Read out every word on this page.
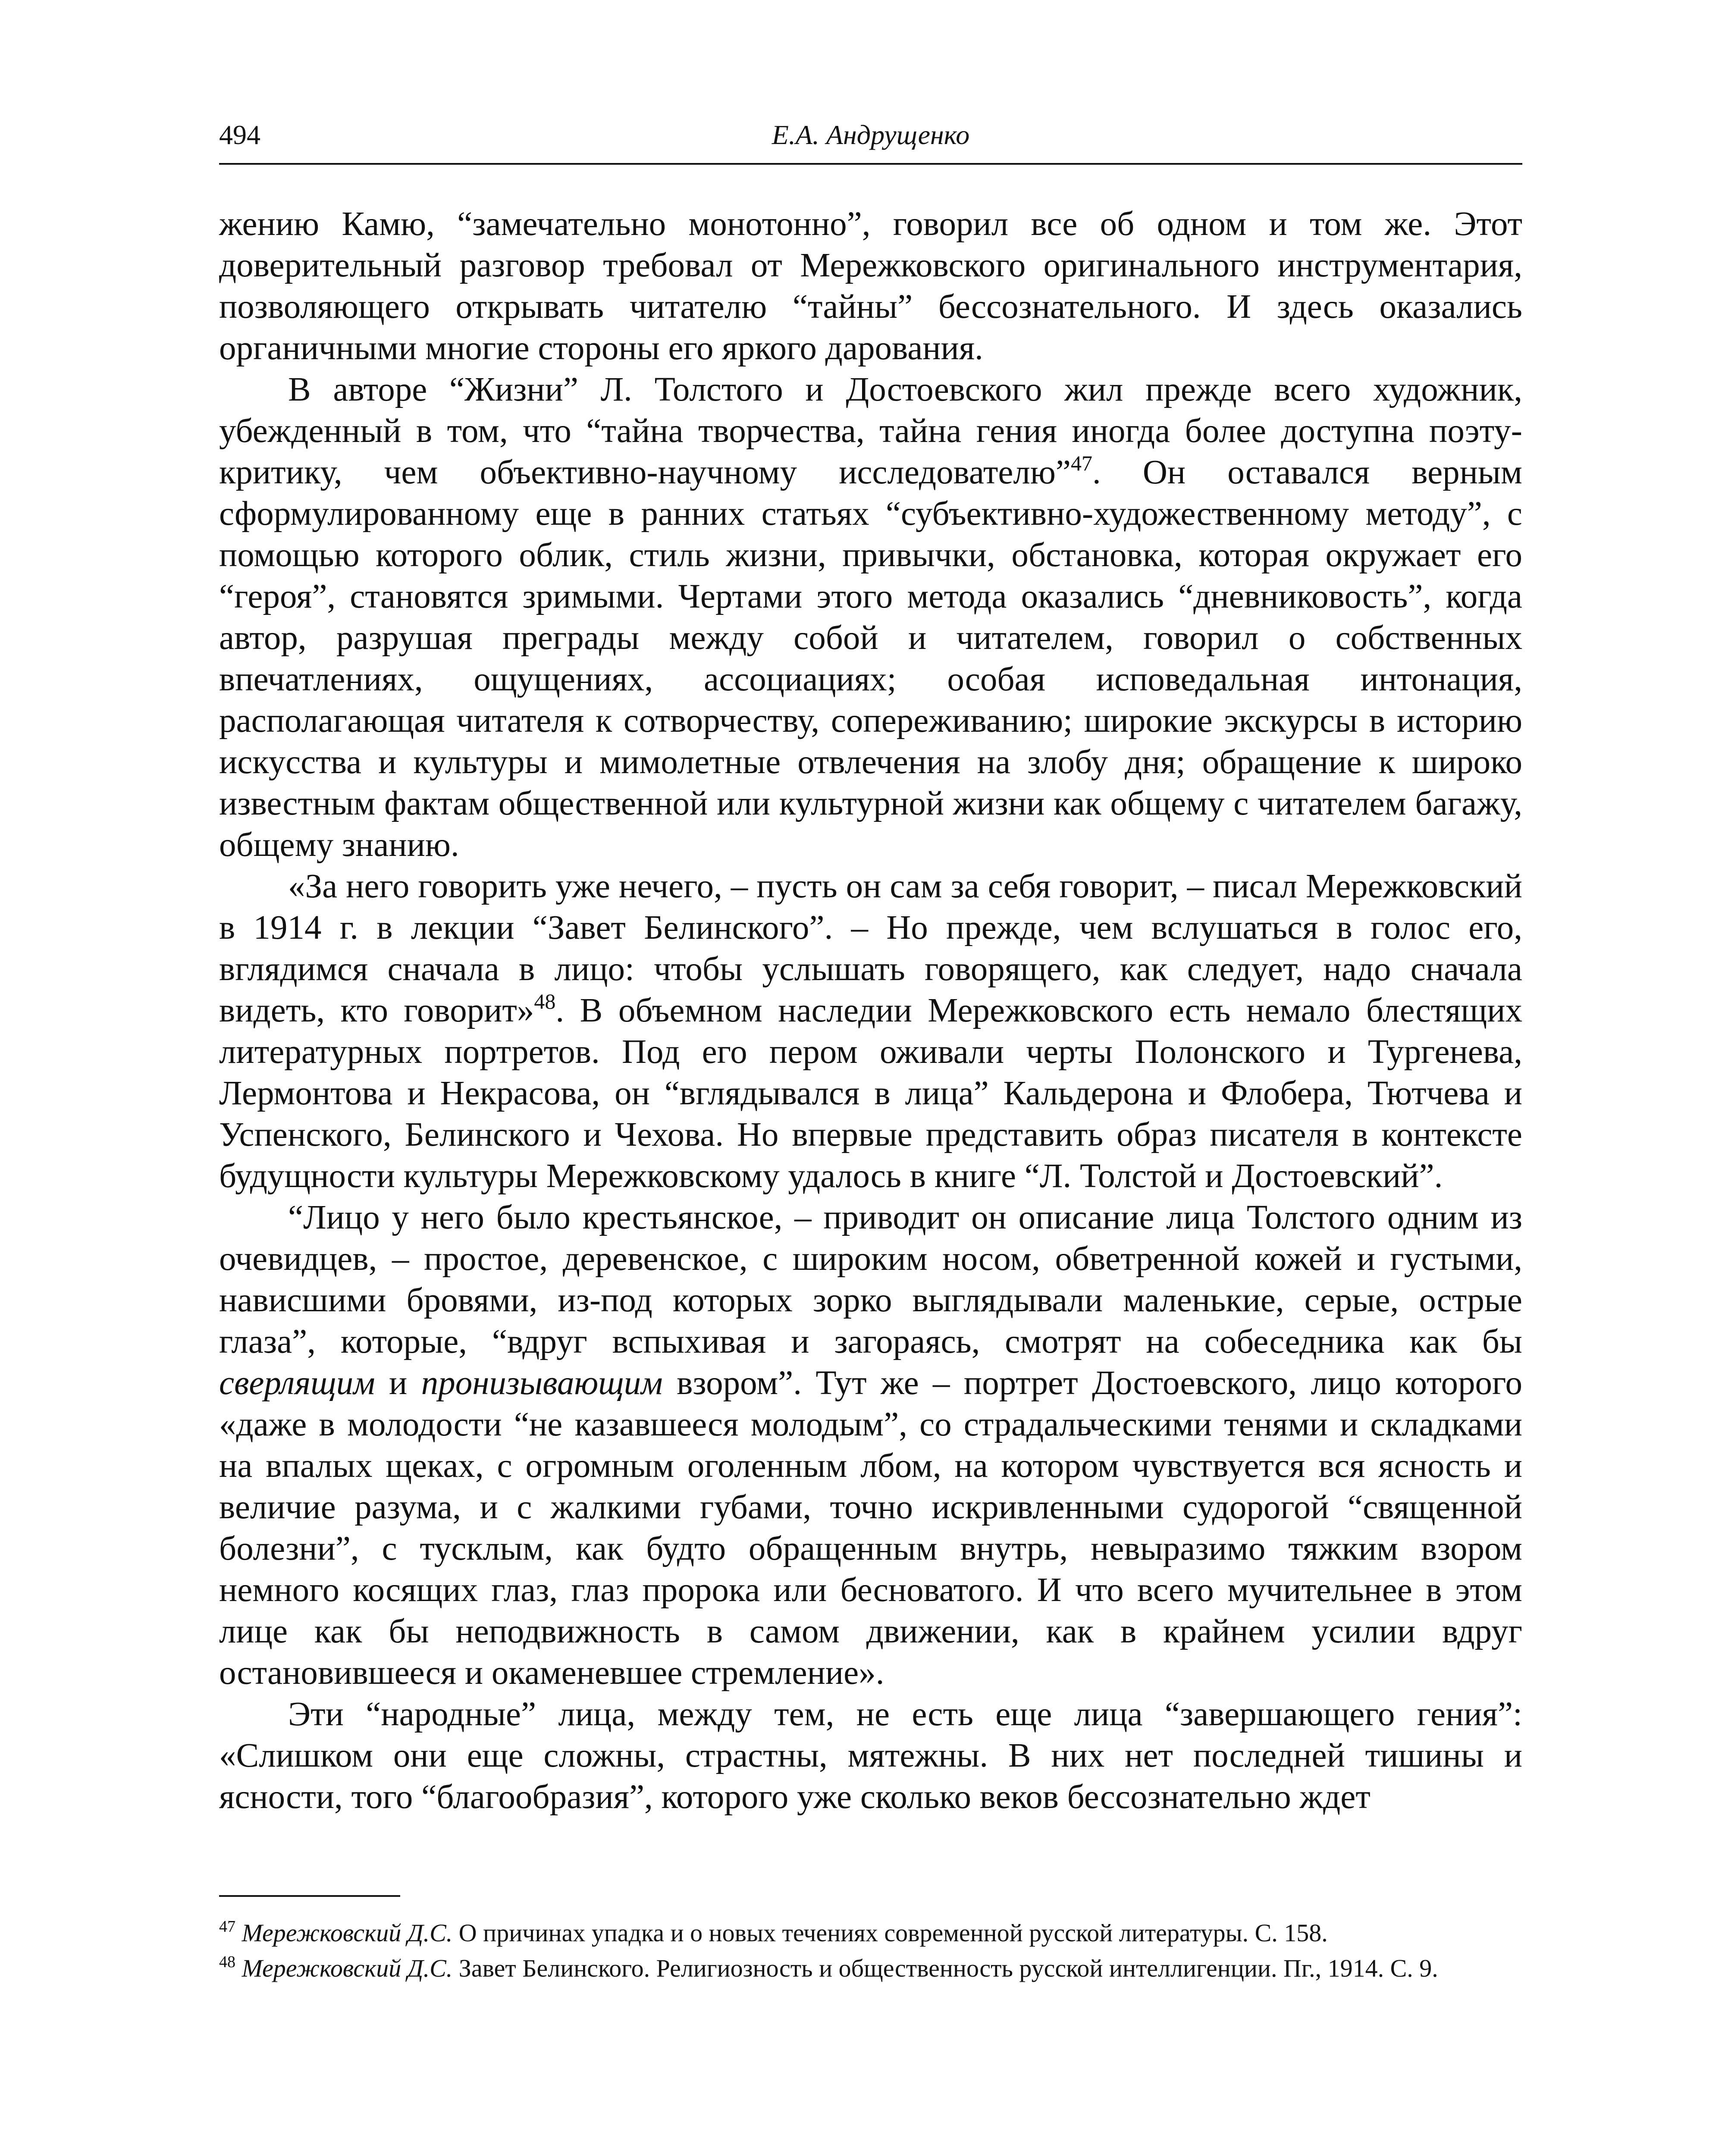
494	Е.А. Андрущенко

жению Камю, “замечательно монотонно”, говорил все об одном и том же. Этот доверительный разговор требовал от Мережковского оригинального инструментария, позволяющего открывать читателю “тайны” бессознательного. И здесь оказались органичными многие стороны его яркого дарования.

В авторе “Жизни” Л. Толстого и Достоевского жил прежде всего художник, убежденный в том, что “тайна творчества, тайна гения иногда более доступна поэту-критику, чем объективно-научному исследователю”$^{47}$. Он оставался верным сформулированному еще в ранних статьях “субъективно-художественному методу”, с помощью которого облик, стиль жизни, привычки, обстановка, которая окружает его “героя”, становятся зримыми. Чертами этого метода оказались “дневниковость”, когда автор, разрушая преграды между собой и читателем, говорил о собственных впечатлениях, ощущениях, ассоциациях; особая исповедальная интонация, располагающая читателя к сотворчеству, сопереживанию; широкие экскурсы в историю искусства и культуры и мимолетные отвлечения на злобу дня; обращение к широко известным фактам общественной или культурной жизни как общему с читателем багажу, общему знанию.

«За него говорить уже нечего, – пусть он сам за себя говорит, – писал Мережковский в 1914 г. в лекции “Завет Белинского”. – Но прежде, чем вслушаться в голос его, вглядимся сначала в лицо: чтобы услышать говорящего, как следует, надо сначала видеть, кто говорит»$^{48}$. В объемном наследии Мережковского есть немало блестящих литературных портретов. Под его пером оживали черты Полонского и Тургенева, Лермонтова и Некрасова, он “вглядывался в лица” Кальдерона и Флобера, Тютчева и Успенского, Белинского и Чехова. Но впервые представить образ писателя в контексте будущности культуры Мережковскому удалось в книге “Л. Толстой и Достоевский”.

“Лицо у него было крестьянское, – приводит он описание лица Толстого одним из очевидцев, – простое, деревенское, с широким носом, обветренной кожей и густыми, нависшими бровями, из-под которых зорко выглядывали маленькие, серые, острые глаза”, которые, “вдруг вспыхивая и загораясь, смотрят на собеседника как бы сверлящим и пронизывающим взором”. Тут же – портрет Достоевского, лицо которого «даже в молодости “не казавшееся молодым”, со страдальческими тенями и складками на впалых щеках, с огромным оголенным лбом, на котором чувствуется вся ясность и величие разума, и с жалкими губами, точно искривленными судорогой “священной болезни”, с тусклым, как будто обращенным внутрь, невыразимо тяжким взором немного косящих глаз, глаз пророка или бесноватого. И что всего мучительнее в этом лице как бы неподвижность в самом движении, как в крайнем усилии вдруг остановившееся и окаменевшее стремление».

Эти “народные” лица, между тем, не есть еще лица “завершающего гения”: «Слишком они еще сложны, страстны, мятежны. В них нет последней тишины и ясности, того “благообразия”, которого уже сколько веков бессознательно ждет

$^{47}$ Мережковский Д.С. О причинах упадка и о новых течениях современной русской литературы. С. 158.

$^{48}$ Мережковский Д.С. Завет Белинского. Религиозность и общественность русской интеллигенции. Пг., 1914. С. 9.
